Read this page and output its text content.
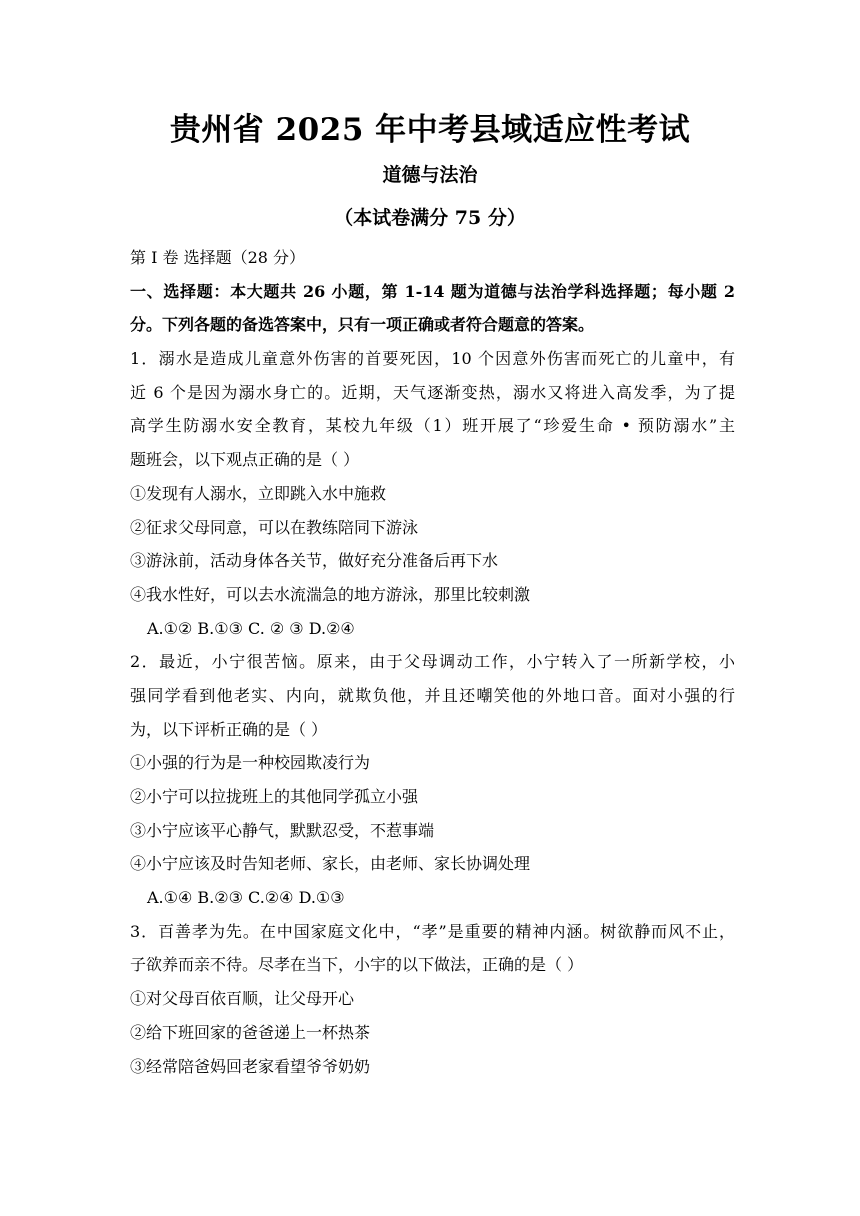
贵州省 2025 年中考县域适应性考试
道德与法治
（本试卷满分 75 分）
第 I 卷 选择题（28 分）
一、选择题：本大题共 26 小题，第 1-14 题为道德与法治学科选择题；每小题 2
分。下列各题的备选答案中，只有一项正确或者符合题意的答案。
1．溺水是造成儿童意外伤害的首要死因，10 个因意外伤害而死亡的儿童中，有
近 6 个是因为溺水身亡的。近期，天气逐渐变热，溺水又将进入高发季，为了提
高学生防溺水安全教育，某校九年级（1）班开展了“珍爱生命 • 预防溺水”主
题班会，以下观点正确的是（ ）
①发现有人溺水，立即跳入水中施救
②征求父母同意，可以在教练陪同下游泳
③游泳前，活动身体各关节，做好充分准备后再下水
④我水性好，可以去水流湍急的地方游泳，那里比较刺激
A.①② B.①③ C. ② ③ D.②④
2．最近，小宁很苦恼。原来，由于父母调动工作，小宁转入了一所新学校，小
强同学看到他老实、内向，就欺负他，并且还嘲笑他的外地口音。面对小强的行
为，以下评析正确的是（ ）
①小强的行为是一种校园欺凌行为
②小宁可以拉拢班上的其他同学孤立小强
③小宁应该平心静气，默默忍受，不惹事端
④小宁应该及时告知老师、家长，由老师、家长协调处理
A.①④ B.②③ C.②④ D.①③
3．百善孝为先。在中国家庭文化中，“孝”是重要的精神内涵。树欲静而风不止，
子欲养而亲不待。尽孝在当下，小宇的以下做法，正确的是（ ）
①对父母百依百顺，让父母开心
②给下班回家的爸爸递上一杯热茶
③经常陪爸妈回老家看望爷爷奶奶
